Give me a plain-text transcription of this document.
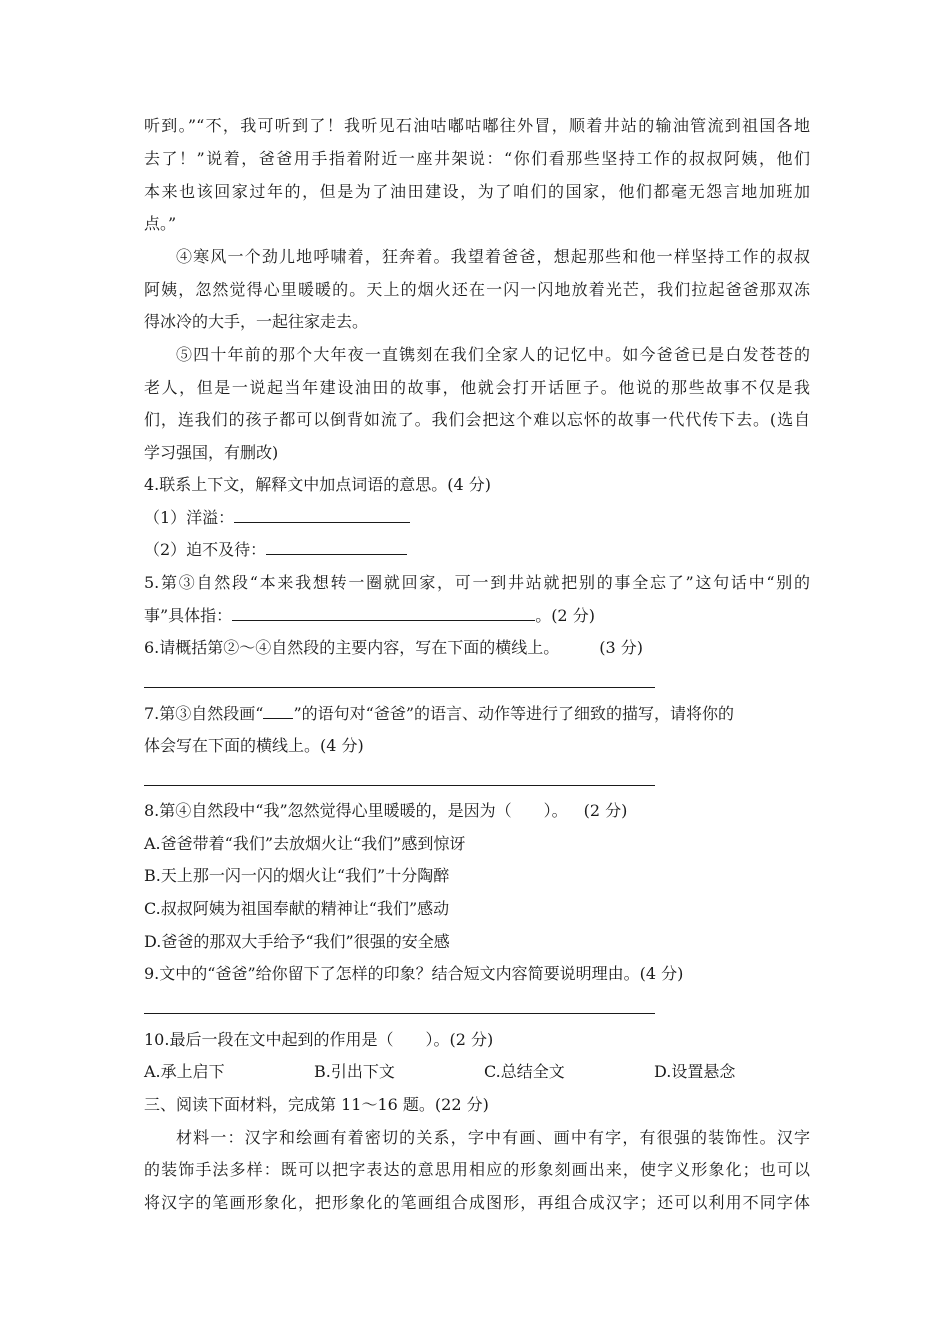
听到。”“不，我可听到了！我听见石油咕嘟咕嘟往外冒，顺着井站的输油管流到祖国各地
去了！”说着，爸爸用手指着附近一座井架说：“你们看那些坚持工作的叔叔阿姨，他们
本来也该回家过年的，但是为了油田建设，为了咱们的国家，他们都毫无怨言地加班加
点。”
④寒风一个劲儿地呼啸着，狂奔着。我望着爸爸，想起那些和他一样坚持工作的叔叔
阿姨，忽然觉得心里暖暖的。天上的烟火还在一闪一闪地放着光芒，我们拉起爸爸那双冻
得冰冷的大手，一起往家走去。
⑤四十年前的那个大年夜一直镌刻在我们全家人的记忆中。如今爸爸已是白发苍苍的
老人，但是一说起当年建设油田的故事，他就会打开话匣子。他说的那些故事不仅是我
们，连我们的孩子都可以倒背如流了。我们会把这个难以忘怀的故事一代代传下去。(选自
学习强国，有删改)
4.联系上下文，解释文中加点词语的意思。(4 分)
（1）洋溢：
（2）迫不及待：
5.第③自然段“本来我想转一圈就回家，可一到井站就把别的事全忘了”这句话中“别的
事”具体指：	。(2 分)
6.请概括第②～④自然段的主要内容，写在下面的横线上。	(3 分)
7.第③自然段画“ ”的语句对“爸爸”的语言、动作等进行了细致的描写，请将你的
体会写在下面的横线上。(4 分)
8.第④自然段中“我”忽然觉得心里暖暖的，是因为（　　）。 (2 分)
A.爸爸带着“我们”去放烟火让“我们”感到惊讶
B.天上那一闪一闪的烟火让“我们”十分陶醉
C.叔叔阿姨为祖国奉献的精神让“我们”感动
D.爸爸的那双大手给予“我们”很强的安全感
9.文中的“爸爸”给你留下了怎样的印象？结合短文内容简要说明理由。(4 分)
10.最后一段在文中起到的作用是（　　）。(2 分)
A.承上启下	B.引出下文	C.总结全文	D.设置悬念
三、阅读下面材料，完成第 11～16 题。(22 分)
材料一：汉字和绘画有着密切的关系，字中有画、画中有字，有很强的装饰性。汉字
的装饰手法多样：既可以把字表达的意思用相应的形象刻画出来，使字义形象化；也可以
将汉字的笔画形象化，把形象化的笔画组合成图形，再组合成汉字；还可以利用不同字体
